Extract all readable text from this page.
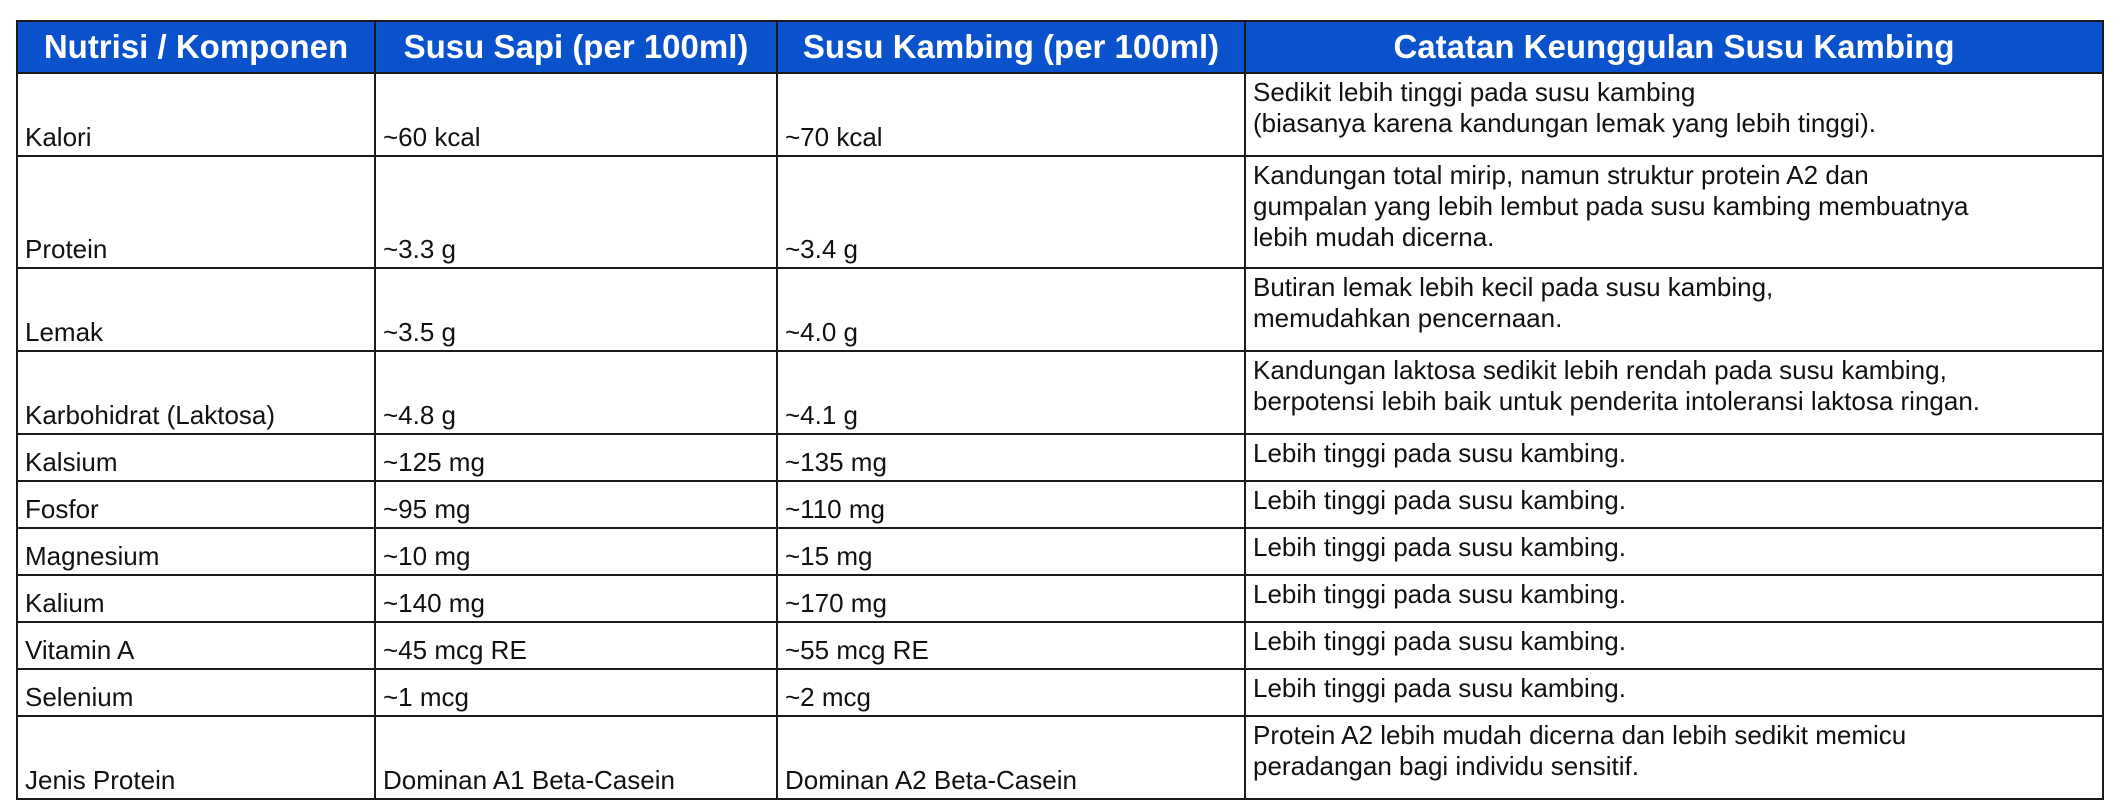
Nutrisi / Komponen	Susu Sapi (per 100ml)	Susu Kambing (per 100ml)	Catatan Keunggulan Susu Kambing
Kalori	~60 kcal	~70 kcal	Sedikit lebih tinggi pada susu kambing
(biasanya karena kandungan lemak yang lebih tinggi).

Protein	~3.3 g	~3.4 g	Kandungan total mirip, namun struktur protein A2 dan
gumpalan yang lebih lembut pada susu kambing membuatnya
lebih mudah dicerna.

Lemak	~3.5 g	~4.0 g	Butiran lemak lebih kecil pada susu kambing,
memudahkan pencernaan.

Karbohidrat (Laktosa)	~4.8 g	~4.1 g	Kandungan laktosa sedikit lebih rendah pada susu kambing,
berpotensi lebih baik untuk penderita intoleransi laktosa ringan.

Kalsium	~125 mg	~135 mg	Lebih tinggi pada susu kambing.

Fosfor	~95 mg	~110 mg	Lebih tinggi pada susu kambing.

Magnesium	~10 mg	~15 mg	Lebih tinggi pada susu kambing.

Kalium	~140 mg	~170 mg	Lebih tinggi pada susu kambing.

Vitamin A	~45 mcg RE	~55 mcg RE	Lebih tinggi pada susu kambing.

Selenium	~1 mcg	~2 mcg	Lebih tinggi pada susu kambing.

Jenis Protein	Dominan A1 Beta-Casein	Dominan A2 Beta-Casein	Protein A2 lebih mudah dicerna dan lebih sedikit memicu
peradangan bagi individu sensitif.
